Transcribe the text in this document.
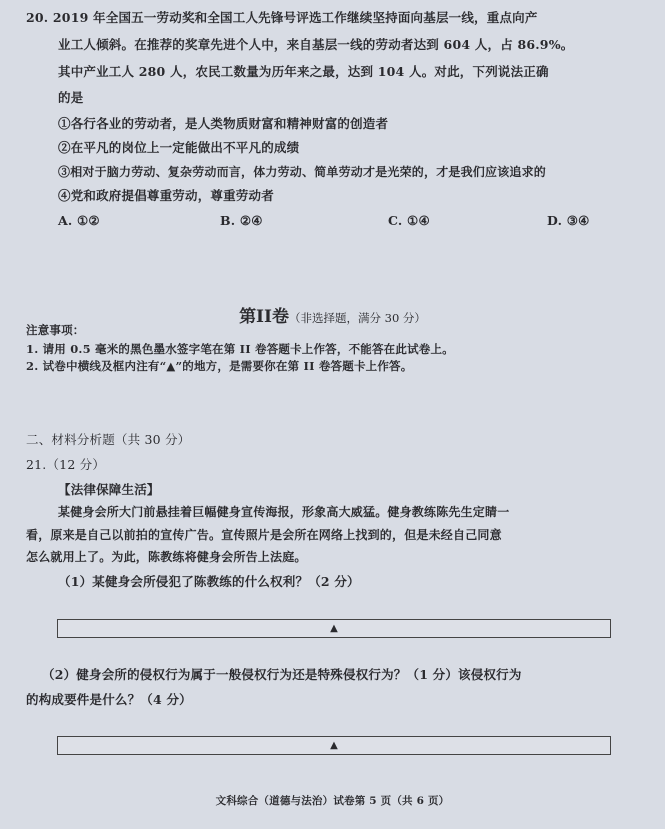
20. 2019 年全国五一劳动奖和全国工人先锋号评选工作继续坚持面向基层一线，重点向产
业工人倾斜。在推荐的奖章先进个人中，来自基层一线的劳动者达到 604 人，占 86.9%。
其中产业工人 280 人，农民工数量为历年来之最，达到 104 人。对此，下列说法正确
的是
①各行各业的劳动者，是人类物质财富和精神财富的创造者
②在平凡的岗位上一定能做出不平凡的成绩
③相对于脑力劳动、复杂劳动而言，体力劳动、简单劳动才是光荣的，才是我们应该追求的
④党和政府提倡尊重劳动，尊重劳动者
A. ①②	B. ②④	C. ①④	D. ③④
第II卷（非选择题，满分 30 分）
注意事项：
1. 请用 0.5 毫米的黑色墨水签字笔在第 II 卷答题卡上作答，不能答在此试卷上。
2. 试卷中横线及框内注有“▲”的地方，是需要你在第 II 卷答题卡上作答。
二、材料分析题（共 30 分）
21.（12 分）
【法律保障生活】
某健身会所大门前悬挂着巨幅健身宣传海报，形象高大威猛。健身教练陈先生定睛一
看，原来是自己以前拍的宣传广告。宣传照片是会所在网络上找到的，但是未经自己同意
怎么就用上了。为此，陈教练将健身会所告上法庭。
（1）某健身会所侵犯了陈教练的什么权利？（2 分）
▲
（2）健身会所的侵权行为属于一般侵权行为还是特殊侵权行为？（1 分）该侵权行为
的构成要件是什么？（4 分）
▲
文科综合（道德与法治）试卷第 5 页（共 6 页）
